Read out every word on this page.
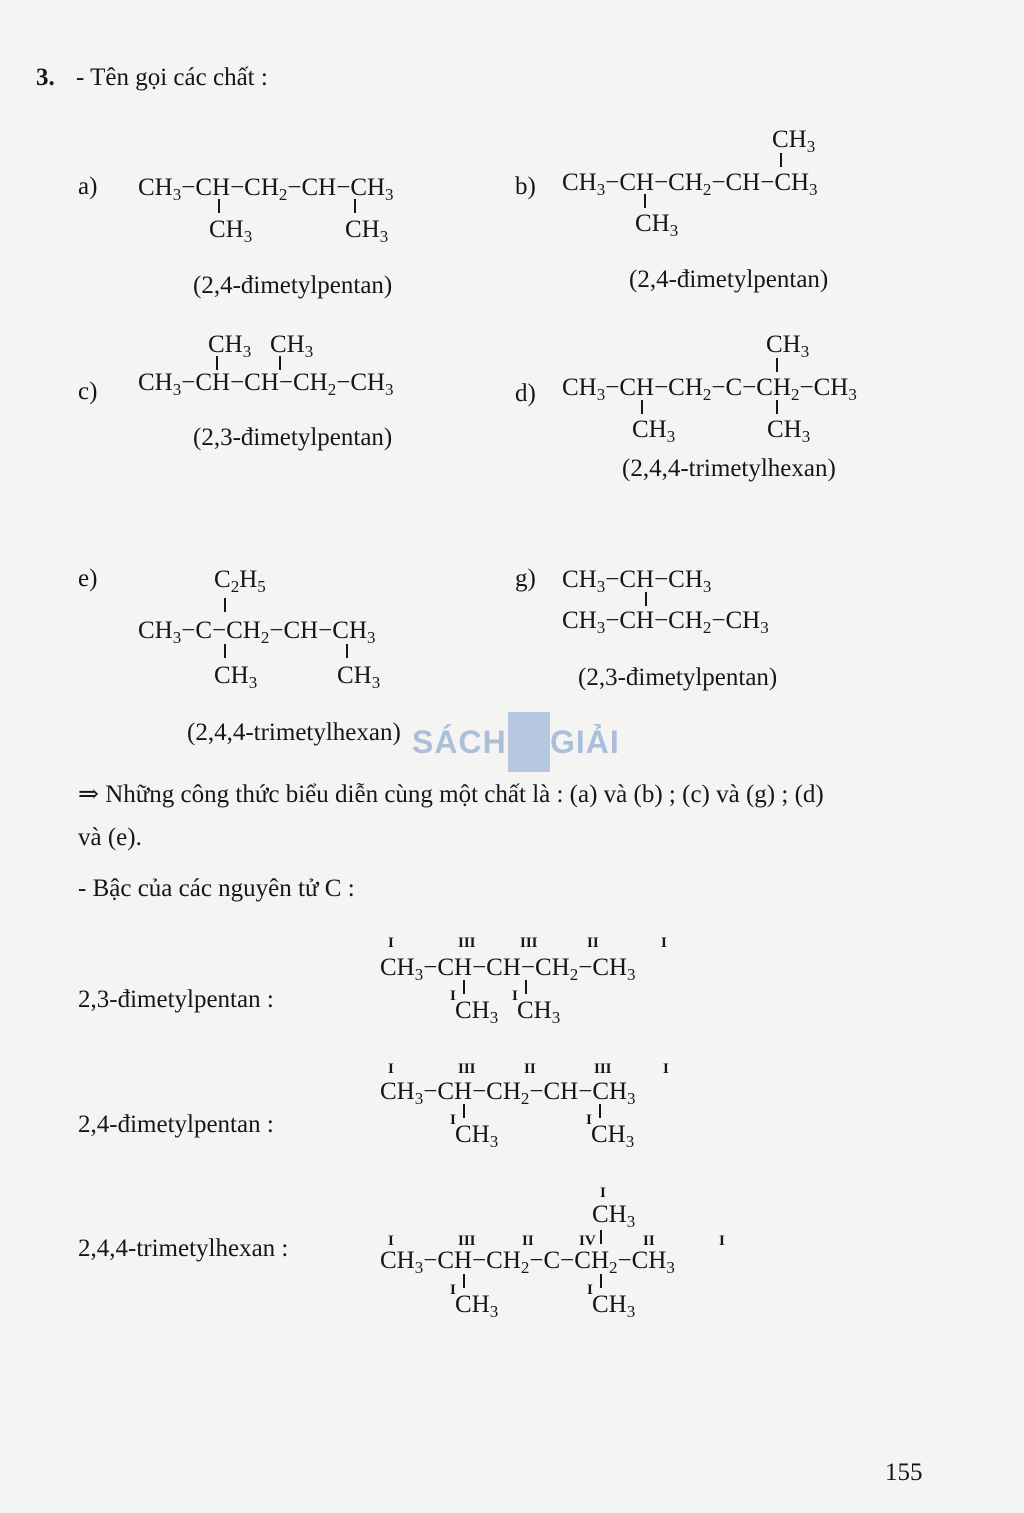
3. - Tên gọi các chất :
a) $CH_3-CH-CH_2-CH-CH_3$
$CH_3$	$CH_3$
(2,4-đimetylpentan)
b)
$CH_3$
$CH_3-CH-CH_2-CH-CH_3$
$CH_3$
(2,4-đimetylpentan)
$CH_3$ $CH_3$
c) $CH_3-CH-CH-CH_2-CH_3$
(2,3-đimetylpentan)
$CH_3$
d) $CH_3-CH-CH_2-C-CH_2-CH_3$
$CH_3$	$CH_3$
(2,4,4-trimetylhexan)
e)	$C_2H_5$
$CH_3-C-CH_2-CH-CH_3$
$CH_3$	$CH_3$
(2,4,4-trimetylhexan)
g) $CH_3-CH-CH_3$
$CH_3-CH-CH_2-CH_3$
(2,3-đimetylpentan)
SÁCH GIẢI
⇒ Những công thức biểu diễn cùng một chất là : (a) và (b) ; (c) và (g) ; (d)
và (e).
- Bậc của các nguyên tử C :
I	III	III	II	I
2,3-đimetylpentan :
$CH_3-CH-CH-CH_2-CH_3$
I	I
$CH_3$ $CH_3$
I	III	II	III	I
2,4-đimetylpentan :
$CH_3-CH-CH_2-CH-CH_3$
I	I
$CH_3$	$CH_3$
I
$CH_3$
I	III	II	IV	II	I
2,4,4-trimetylhexan :	$CH_3-CH-CH_2-C-CH_2-CH_3$
I	I
$CH_3$	$CH_3$
155
